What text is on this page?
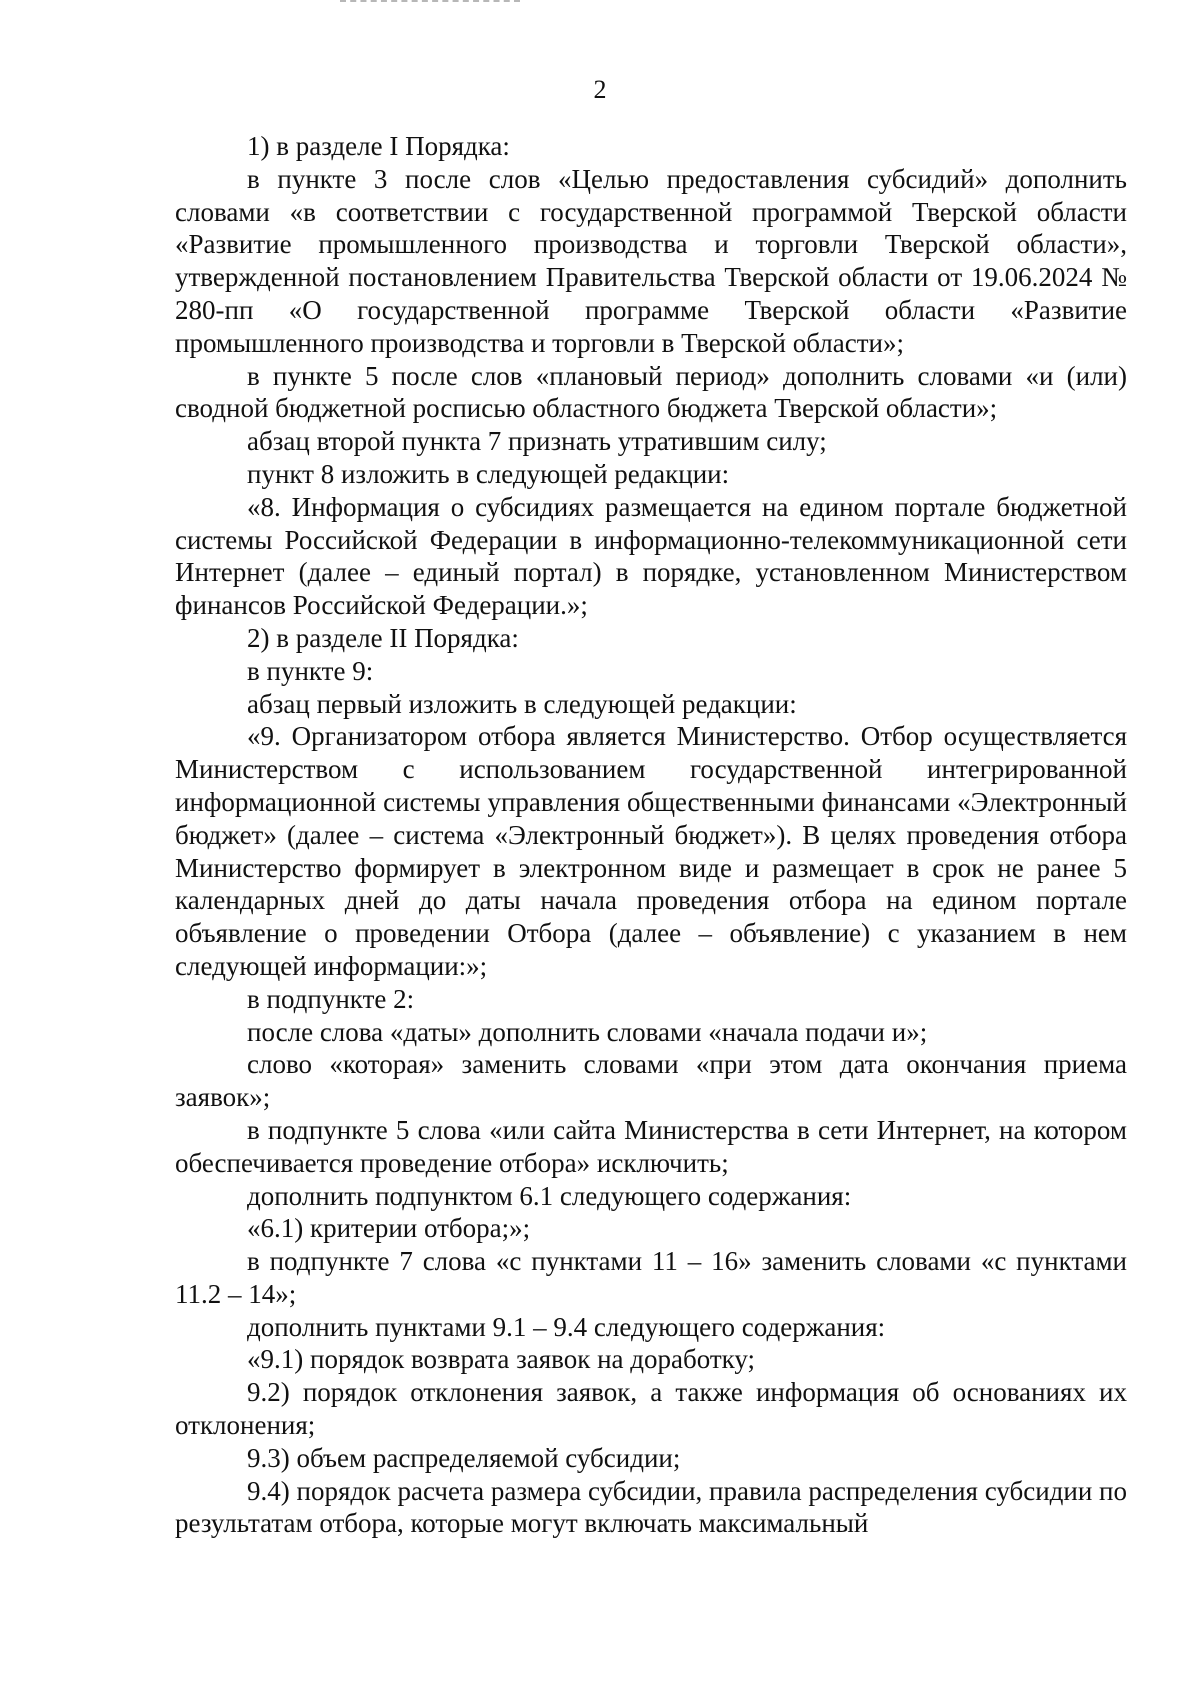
2

1) в разделе I Порядка:

в пункте 3 после слов «Целью предоставления субсидий» дополнить словами «в соответствии с государственной программой Тверской области «Развитие промышленного производства и торговли Тверской области», утвержденной постановлением Правительства Тверской области от 19.06.2024 № 280-пп «О государственной программе Тверской области «Развитие промышленного производства и торговли в Тверской области»;

в пункте 5 после слов «плановый период» дополнить словами «и (или) сводной бюджетной росписью областного бюджета Тверской области»;

абзац второй пункта 7 признать утратившим силу;

пункт 8 изложить в следующей редакции:

«8. Информация о субсидиях размещается на едином портале бюджетной системы Российской Федерации в информационно-телекоммуникационной сети Интернет (далее – единый портал) в порядке, установленном Министерством финансов Российской Федерации.»;

2) в разделе II Порядка:

в пункте 9:

абзац первый изложить в следующей редакции:

«9. Организатором отбора является Министерство. Отбор осуществляется Министерством с использованием государственной интегрированной информационной системы управления общественными финансами «Электронный бюджет» (далее – система «Электронный бюджет»). В целях проведения отбора Министерство формирует в электронном виде и размещает в срок не ранее 5 календарных дней до даты начала проведения отбора на едином портале объявление о проведении Отбора (далее – объявление) с указанием в нем следующей информации:»;

в подпункте 2:

после слова «даты» дополнить словами «начала подачи и»;

слово «которая» заменить словами «при этом дата окончания приема заявок»;

в подпункте 5 слова «или сайта Министерства в сети Интернет, на котором обеспечивается проведение отбора» исключить;

дополнить подпунктом 6.1 следующего содержания:

«6.1) критерии отбора;»;

в подпункте 7 слова «с пунктами 11 – 16» заменить словами «с пунктами 11.2 – 14»;

дополнить пунктами 9.1 – 9.4 следующего содержания:

«9.1) порядок возврата заявок на доработку;

9.2) порядок отклонения заявок, а также информация об основаниях их отклонения;

9.3) объем распределяемой субсидии;

9.4) порядок расчета размера субсидии, правила распределения субсидии по результатам отбора, которые могут включать максимальный
